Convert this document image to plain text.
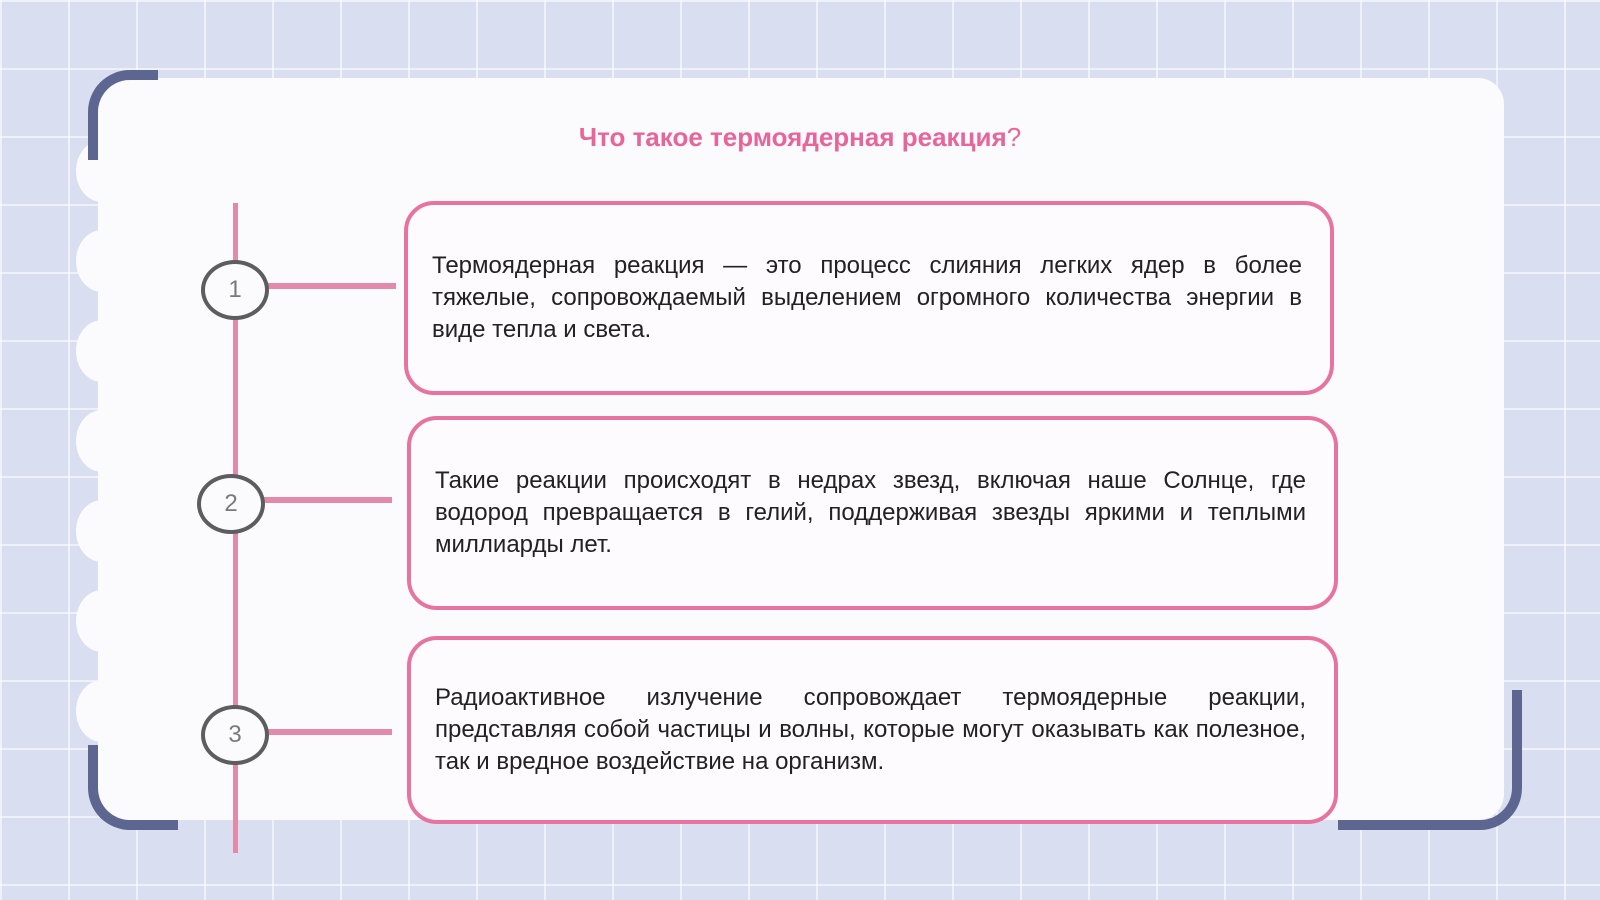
Что такое термоядерная реакция?
1

Термоядерная реакция — это процесс слияния легких ядер в более тяжелые, сопровождаемый выделением огромного количества энергии в виде тепла и света.

2

Такие реакции происходят в недрах звезд, включая наше Солнце, где водород превращается в гелий, поддерживая звезды яркими и теплыми миллиарды лет.

3

Радиоактивное излучение сопровождает термоядерные реакции, представляя собой частицы и волны, которые могут оказывать как полезное, так и вредное воздействие на организм.
